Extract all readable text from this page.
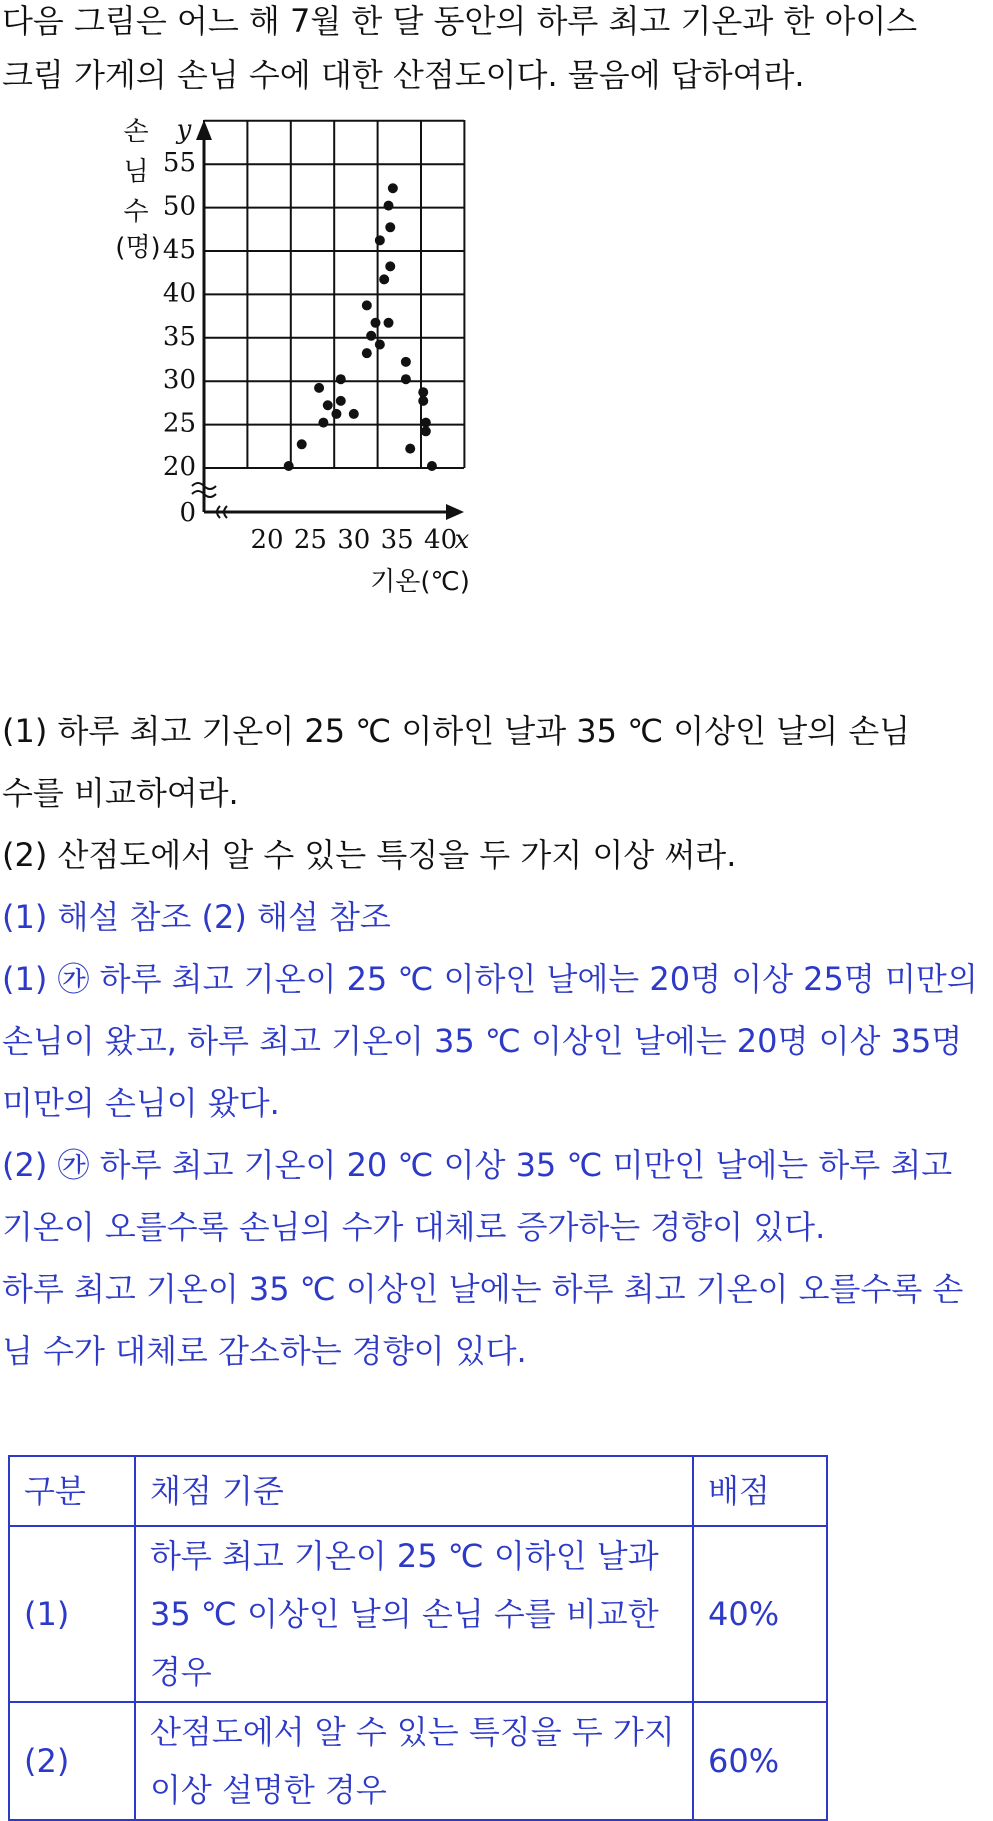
다음 그림은 어느 해 7월 한 달 동안의 하루 최고 기온과 한 아이스
크림 가게의 손님 수에 대한 산점도이다. 물음에 답하여라.
20 25 30 35 40
20
25
30
35
40
45
50
55
0
x
y
손
님
수
(명)
기온(℃)
(1) 하루 최고 기온이 25 ℃ 이하인 날과 35 ℃ 이상인 날의 손님
수를 비교하여라.
(2) 산점도에서 알 수 있는 특징을 두 가지 이상 써라.
(1) 해설 참조 (2) 해설 참조
(1) ㉮ 하루 최고 기온이 25 ℃ 이하인 날에는 20명 이상 25명 미만의
손님이 왔고, 하루 최고 기온이 35 ℃ 이상인 날에는 20명 이상 35명
미만의 손님이 왔다.
(2) ㉮ 하루 최고 기온이 20 ℃ 이상 35 ℃ 미만인 날에는 하루 최고
기온이 오를수록 손님의 수가 대체로 증가하는 경향이 있다.
하루 최고 기온이 35 ℃ 이상인 날에는 하루 최고 기온이 오를수록 손
님 수가 대체로 감소하는 경향이 있다.
구분	채점 기준	배점
(1)	하루 최고 기온이 25 ℃ 이하인 날과 35 ℃ 이상인 날의 손님 수를 비교한 경우	40%
(2)	산점도에서 알 수 있는 특징을 두 가지 이상 설명한 경우	60%
